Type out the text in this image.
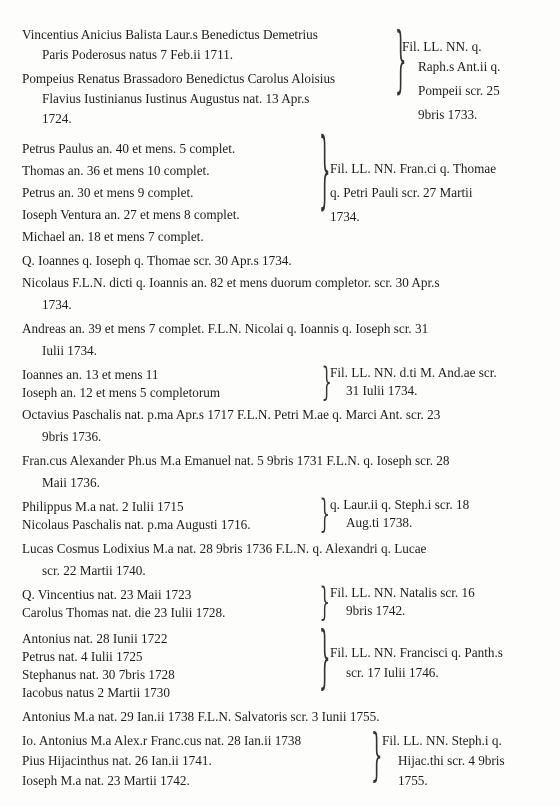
Vincentius Anicius Balista Laur.s Benedictus Demetrius
Paris Poderosus natus 7 Feb.ii 1711.
Pompeius Renatus Brassadoro Benedictus Carolus Aloisius
Flavius Iustinianus Iustinus Augustus nat. 13 Apr.s
1724.
}
Fil. LL. NN. q.
Raph.s Ant.ii q.
Pompeii scr. 25
9bris 1733.
Petrus Paulus an. 40 et mens. 5 complet.
Thomas an. 36 et mens 10 complet.
Petrus an. 30 et mens 9 complet.
Ioseph Ventura an. 27 et mens 8 complet.
Michael an. 18 et mens 7 complet.
} Fil. LL. NN. Fran.ci q. Thomae
q. Petri Pauli scr. 27 Martii
1734.
Q. Ioannes q. Ioseph q. Thomae scr. 30 Apr.s 1734.
Nicolaus F.L.N. dicti q. Ioannis an. 82 et mens duorum completor. scr. 30 Apr.s
1734.
Andreas an. 39 et mens 7 complet. F.L.N. Nicolai q. Ioannis q. Ioseph scr. 31
Iulii 1734.
Ioannes an. 13 et mens 11
Ioseph an. 12 et mens 5 completorum	}
Fil. LL. NN. d.ti M. And.ae scr.
31 Iulii 1734.
Octavius Paschalis nat. p.ma Apr.s 1717 F.L.N. Petri M.ae q. Marci Ant. scr. 23
9bris 1736.
Fran.cus Alexander Ph.us M.a Emanuel nat. 5 9bris 1731 F.L.N. q. Ioseph scr. 28
Maii 1736.
Philippus M.a nat. 2 Iulii 1715
Nicolaus Paschalis nat. p.ma Augusti 1716. } q. Laur.ii q. Steph.i scr. 18
Aug.ti 1738.
Lucas Cosmus Lodixius M.a nat. 28 9bris 1736 F.L.N. q. Alexandri q. Lucae
scr. 22 Martii 1740.
Q. Vincentius nat. 23 Maii 1723
Carolus Thomas nat. die 23 Iulii 1728. } Fil. LL. NN. Natalis scr. 16
9bris 1742.
Antonius nat. 28 Iunii 1722
Petrus nat. 4 Iulii 1725
Stephanus nat. 30 7bris 1728
Iacobus natus 2 Martii 1730	} Fil. LL. NN. Francisci q. Panth.s
scr. 17 Iulii 1746.
Antonius M.a nat. 29 Ian.ii 1738 F.L.N. Salvatoris scr. 3 Iunii 1755.
Io. Antonius M.a Alex.r Franc.cus nat. 28 Ian.ii 1738
Pius Hijacinthus nat. 26 Ian.ii 1741.
Ioseph M.a nat. 23 Martii 1742.	} Fil. LL. NN. Steph.i q.
Hijac.thi scr. 4 9bris
1755.
